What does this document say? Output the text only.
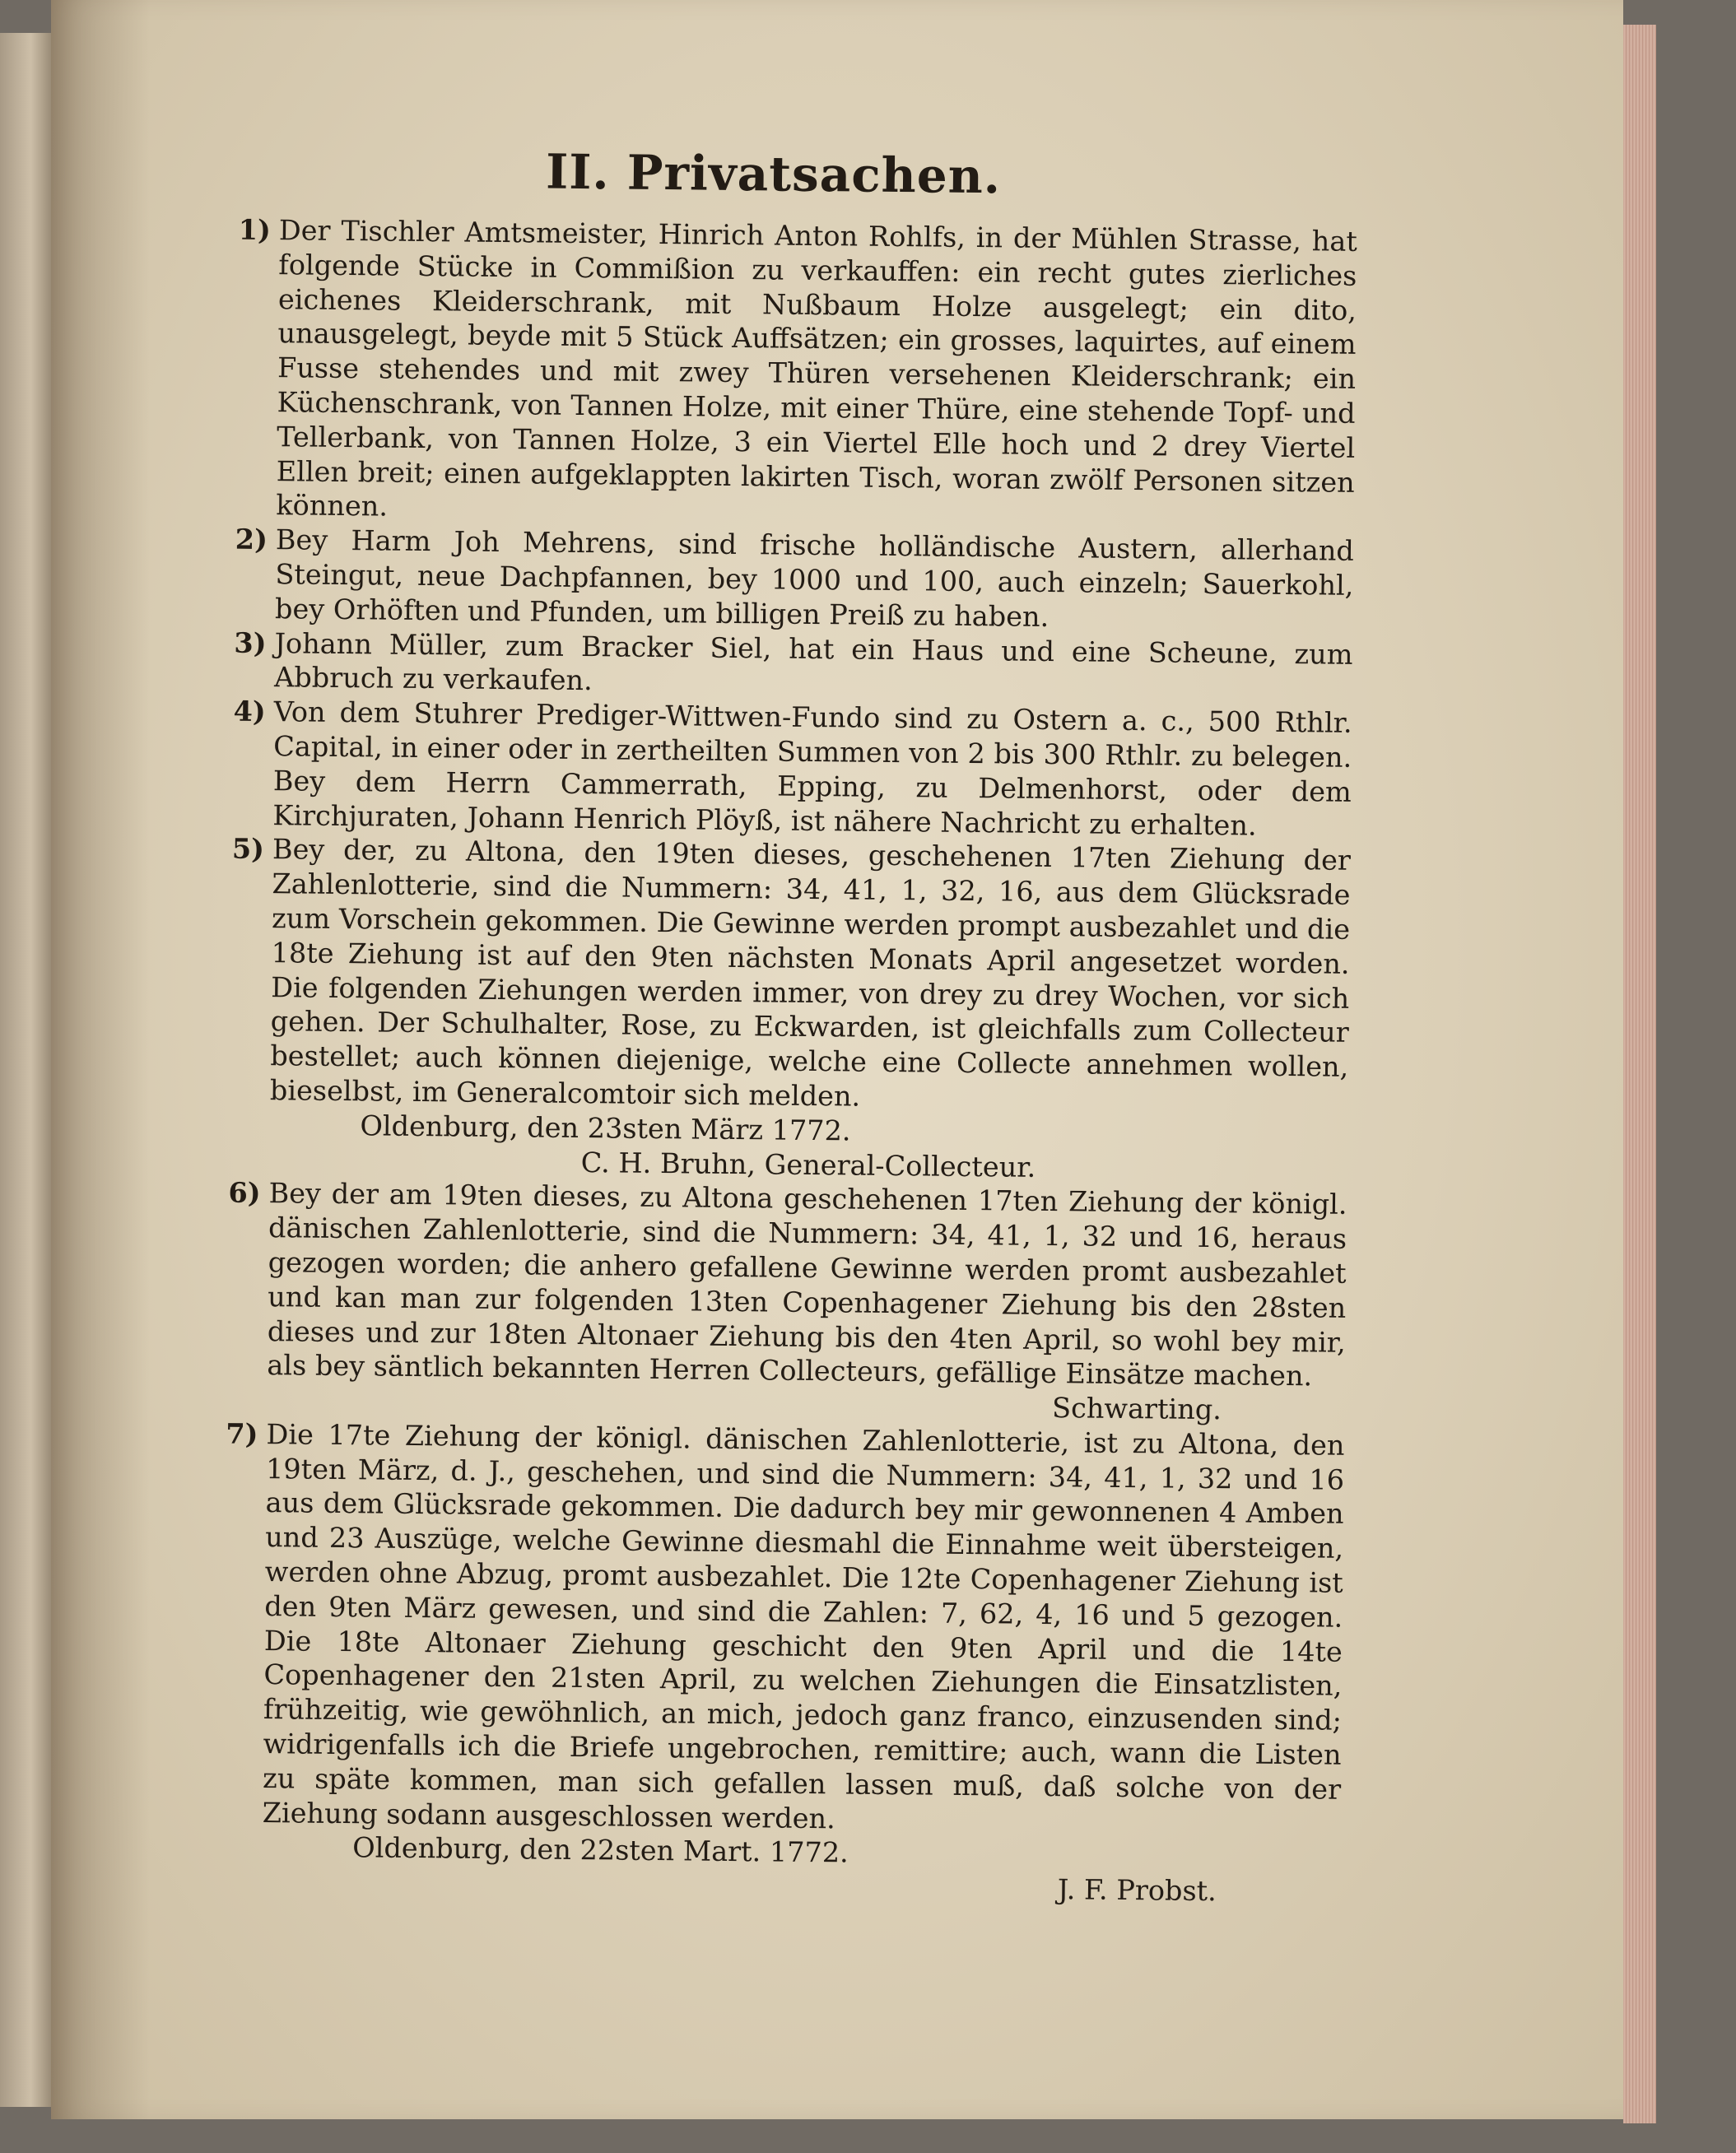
II. Privatsachen.
1) Der Tischler Amtsmeister, Hinrich Anton Rohlfs, in der Mühlen Strasse, hat folgende Stücke in Commißion zu verkauffen: ein recht gutes zierliches eichenes Kleiderschrank, mit Nußbaum Holze ausgelegt; ein dito, unausgelegt, beyde mit 5 Stück Auffsätzen; ein grosses, laquirtes, auf einem Fusse stehendes und mit zwey Thüren versehenen Kleiderschrank; ein Küchenschrank, von Tannen Holze, mit einer Thüre, eine stehende Topf- und Tellerbank, von Tannen Holze, 3 ein Viertel Elle hoch und 2 drey Viertel Ellen breit; einen aufgeklappten lakirten Tisch, woran zwölf Personen sitzen können.

2) Bey Harm Joh Mehrens, sind frische holländische Austern, allerhand Steingut, neue Dachpfannen, bey 1000 und 100, auch einzeln; Sauerkohl, bey Orhöften und Pfunden, um billigen Preiß zu haben.

3) Johann Müller, zum Bracker Siel, hat ein Haus und eine Scheune, zum Abbruch zu verkaufen.

4) Von dem Stuhrer Prediger-Wittwen-Fundo sind zu Ostern a. c., 500 Rthlr. Capital, in einer oder in zertheilten Summen von 2 bis 300 Rthlr. zu belegen. Bey dem Herrn Cammerrath, Epping, zu Delmenhorst, oder dem Kirchjuraten, Johann Henrich Plöyß, ist nähere Nachricht zu erhalten.

5) Bey der, zu Altona, den 19ten dieses, geschehenen 17ten Ziehung der Zahlenlotterie, sind die Nummern: 34, 41, 1, 32, 16, aus dem Glücksrade zum Vorschein gekommen. Die Gewinne werden prompt ausbezahlet und die 18te Ziehung ist auf den 9ten nächsten Monats April angesetzet worden. Die folgenden Ziehungen werden immer, von drey zu drey Wochen, vor sich gehen. Der Schulhalter, Rose, zu Eckwarden, ist gleichfalls zum Collecteur bestellet; auch können diejenige, welche eine Collecte annehmen wollen, bieselbst, im Generalcomtoir sich melden.

Oldenburg, den 23sten März 1772.

C. H. Bruhn, General-Collecteur.

6) Bey der am 19ten dieses, zu Altona geschehenen 17ten Ziehung der königl. dänischen Zahlenlotterie, sind die Nummern: 34, 41, 1, 32 und 16, heraus gezogen worden; die anhero gefallene Gewinne werden promt ausbezahlet und kan man zur folgenden 13ten Copenhagener Ziehung bis den 28sten dieses und zur 18ten Altonaer Ziehung bis den 4ten April, so wohl bey mir, als bey säntlich bekannten Herren Collecteurs, gefällige Einsätze machen.

Schwarting.

7) Die 17te Ziehung der königl. dänischen Zahlenlotterie, ist zu Altona, den 19ten März, d. J., geschehen, und sind die Nummern: 34, 41, 1, 32 und 16 aus dem Glücksrade gekommen. Die dadurch bey mir gewonnenen 4 Amben und 23 Auszüge, welche Gewinne diesmahl die Einnahme weit übersteigen, werden ohne Abzug, promt ausbezahlet. Die 12te Copenhagener Ziehung ist den 9ten März gewesen, und sind die Zahlen: 7, 62, 4, 16 und 5 gezogen. Die 18te Altonaer Ziehung geschicht den 9ten April und die 14te Copenhagener den 21sten April, zu welchen Ziehungen die Einsatzlisten, frühzeitig, wie gewöhnlich, an mich, jedoch ganz franco, einzusenden sind; widrigenfalls ich die Briefe ungebrochen, remittire; auch, wann die Listen zu späte kommen, man sich gefallen lassen muß, daß solche von der Ziehung sodann ausgeschlossen werden.

Oldenburg, den 22sten Mart. 1772.

J. F. Probst.
